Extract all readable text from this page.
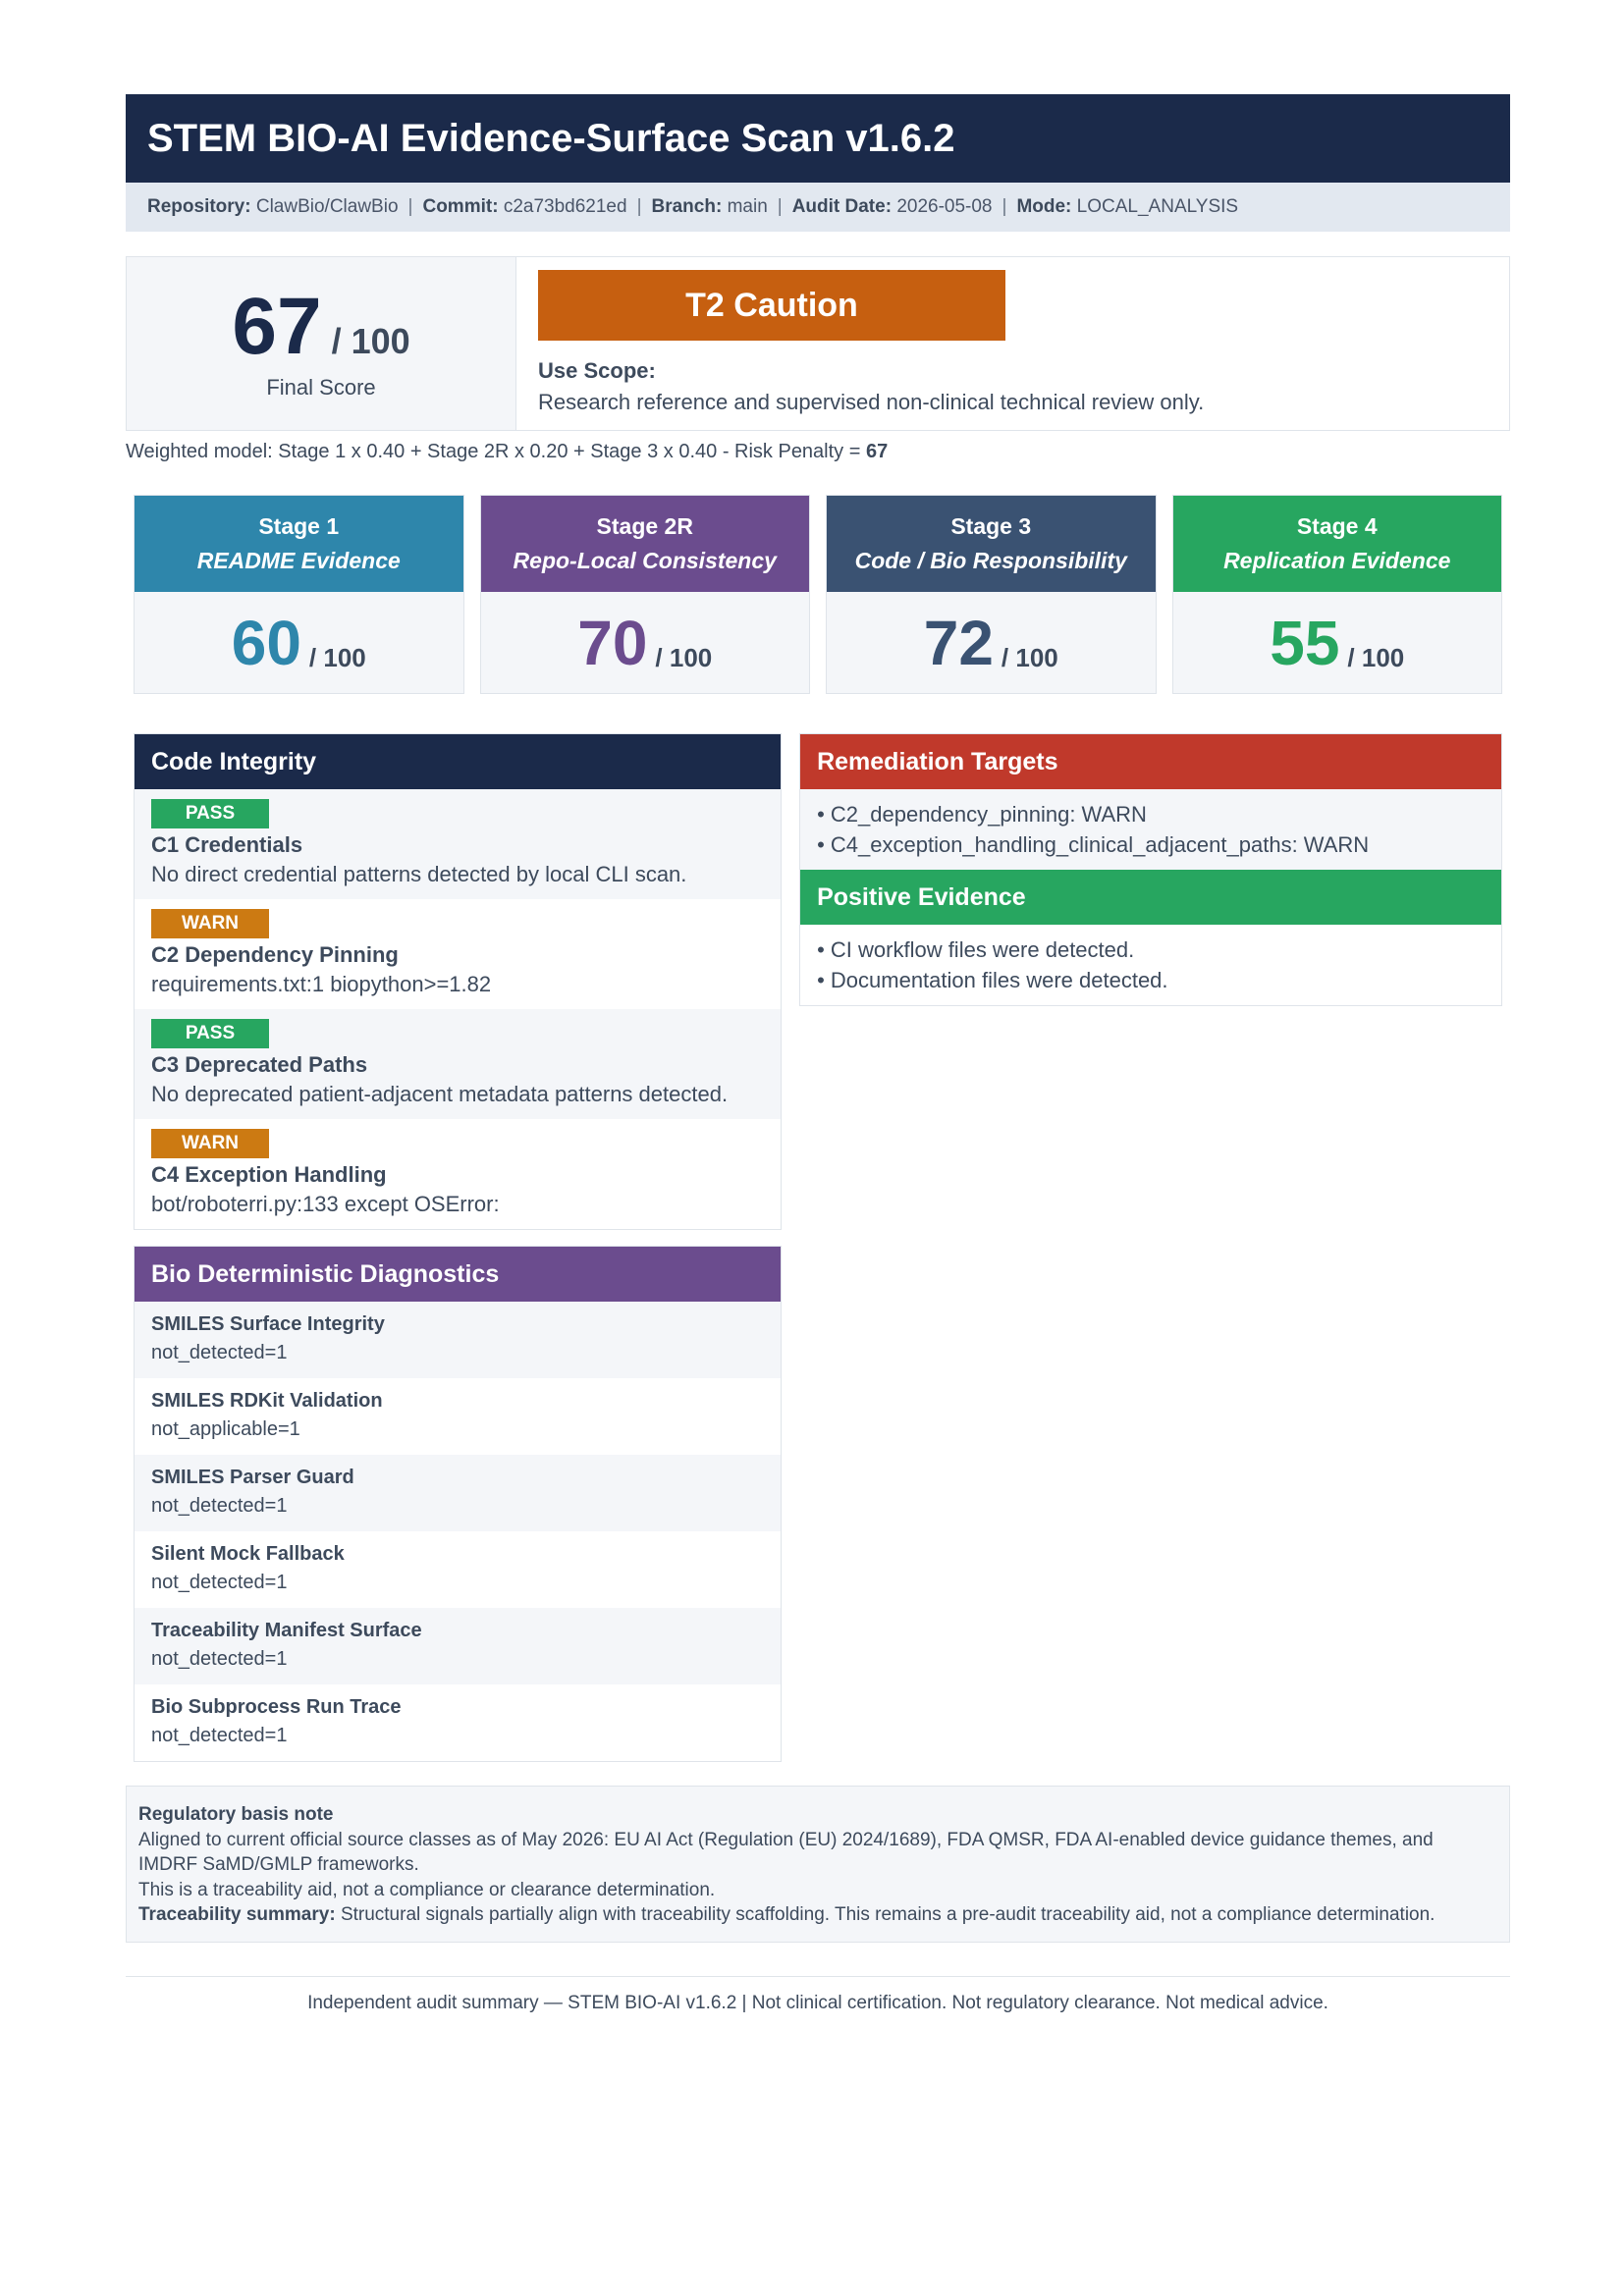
STEM BIO-AI Evidence-Surface Scan v1.6.2
Repository:
ClawBio/ClawBio | Commit:
c2a73bd621ed | Branch:
main | Audit Date:
2026-05-08 | Mode:
LOCAL_ANALYSIS
67 / 100
Final Score
T2 Caution
Use Scope:
Research reference and supervised non-clinical technical review only.
Weighted model: Stage 1 x 0.40 + Stage 2R x 0.20 + Stage 3 x 0.40 - Risk Penalty = 67
Stage 1
README Evidence
60 / 100
Stage 2R
Repo-Local Consistency
70 / 100
Stage 3
Code / Bio Responsibility
72 / 100
Stage 4
Replication Evidence
55 / 100
Code Integrity
PASS
C1 Credentials
No direct credential patterns detected by local CLI scan.
WARN
C2 Dependency Pinning
requirements.txt:1 biopython>=1.82
PASS
C3 Deprecated Paths
No deprecated patient-adjacent metadata patterns detected.
WARN
C4 Exception Handling
bot/roboterri.py:133 except OSError:
Bio Deterministic Diagnostics
SMILES Surface Integrity
not_detected=1
SMILES RDKit Validation
not_applicable=1
SMILES Parser Guard
not_detected=1
Silent Mock Fallback
not_detected=1
Traceability Manifest Surface
not_detected=1
Bio Subprocess Run Trace
not_detected=1
Remediation Targets
• C2_dependency_pinning: WARN
• C4_exception_handling_clinical_adjacent_paths: WARN
Positive Evidence
• CI workflow files were detected.
• Documentation files were detected.
Regulatory basis note
Aligned to current official source classes as of May 2026: EU AI Act (Regulation (EU) 2024/1689), FDA QMSR, FDA AI-enabled device guidance themes, and IMDRF SaMD/GMLP frameworks.
This is a traceability aid, not a compliance or clearance determination.
Traceability summary: Structural signals partially align with traceability scaffolding. This remains a pre-audit traceability aid, not a compliance determination.
Independent audit summary — STEM BIO-AI v1.6.2 | Not clinical certification. Not regulatory clearance. Not medical advice.
